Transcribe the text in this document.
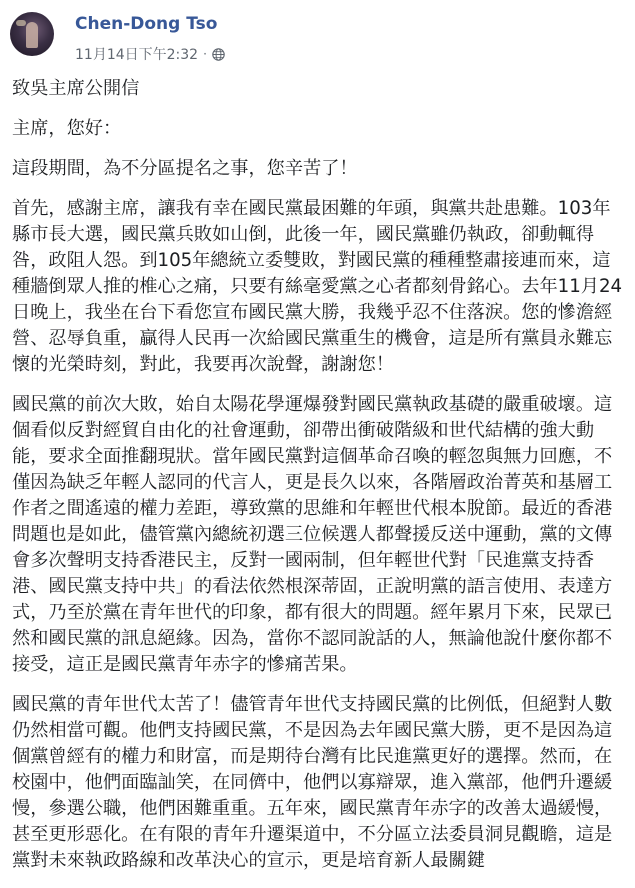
Chen-Dong Tso
11月14日下午2:32 ·

致吳主席公開信

主席，您好：

這段期間，為不分區提名之事，您辛苦了！

首先，感謝主席，讓我有幸在國民黨最困難的年頭，與黨共赴患難。103年縣市長大選，國民黨兵敗如山倒，此後一年，國民黨雖仍執政，卻動輒得咎，政阻人怨。到105年總統立委雙敗，對國民黨的種種整肅接連而來，這種牆倒眾人推的椎心之痛，只要有絲毫愛黨之心者都刻骨銘心。去年11月24日晚上，我坐在台下看您宣布國民黨大勝，我幾乎忍不住落淚。您的慘澹經營、忍辱負重，贏得人民再一次給國民黨重生的機會，這是所有黨員永難忘懷的光榮時刻，對此，我要再次說聲，謝謝您！

國民黨的前次大敗，始自太陽花學運爆發對國民黨執政基礎的嚴重破壞。這個看似反對經貿自由化的社會運動，卻帶出衝破階級和世代結構的強大動能，要求全面推翻現狀。當年國民黨對這個革命召喚的輕忽與無力回應，不僅因為缺乏年輕人認同的代言人，更是長久以來，各階層政治菁英和基層工作者之間遙遠的權力差距，導致黨的思維和年輕世代根本脫節。最近的香港問題也是如此，儘管黨內總統初選三位候選人都聲援反送中運動，黨的文傳會多次聲明支持香港民主，反對一國兩制，但年輕世代對「民進黨支持香港、國民黨支持中共」的看法依然根深蒂固，正說明黨的語言使用、表達方式，乃至於黨在青年世代的印象，都有很大的問題。經年累月下來，民眾已然和國民黨的訊息絕緣。因為，當你不認同說話的人，無論他說什麼你都不接受，這正是國民黨青年赤字的慘痛苦果。

國民黨的青年世代太苦了！儘管青年世代支持國民黨的比例低，但絕對人數仍然相當可觀。他們支持國民黨，不是因為去年國民黨大勝，更不是因為這個黨曾經有的權力和財富，而是期待台灣有比民進黨更好的選擇。然而，在校園中，他們面臨訕笑，在同儕中，他們以寡辯眾，進入黨部，他們升遷緩慢，參選公職，他們困難重重。五年來，國民黨青年赤字的改善太過緩慢，甚至更形惡化。在有限的青年升遷渠道中，不分區立法委員洞見觀瞻，這是黨對未來執政路線和改革決心的宣示，更是培育新人最關鍵
